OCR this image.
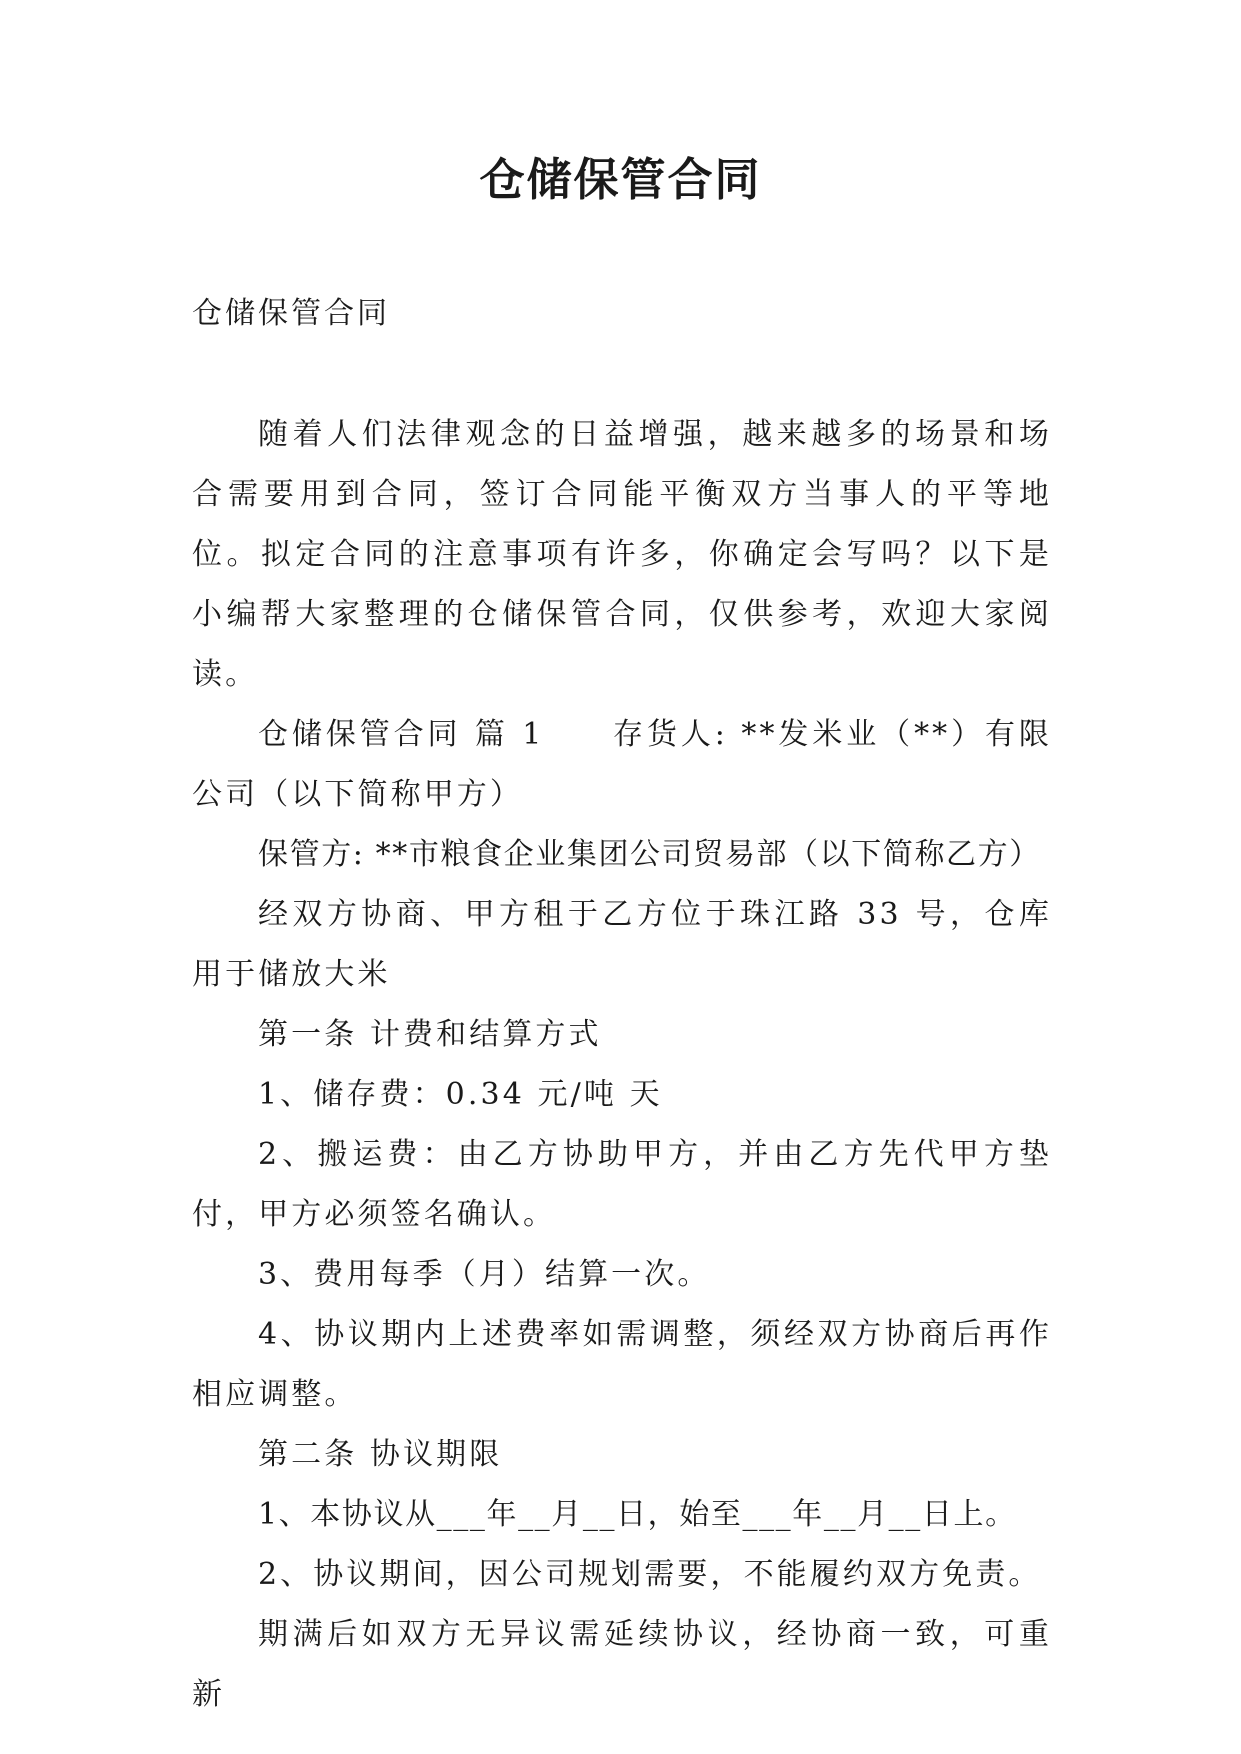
仓储保管合同
仓储保管合同

随着人们法律观念的日益增强，越来越多的场景和场合需要用到合同，签订合同能平衡双方当事人的平等地位。拟定合同的注意事项有许多，你确定会写吗？以下是小编帮大家整理的仓储保管合同，仅供参考，欢迎大家阅读。

仓储保管合同 篇 1　　存货人: **发米业（**）有限公司（以下简称甲方）

保管方: **市粮食企业集团公司贸易部（以下简称乙方）

经双方协商、甲方租于乙方位于珠江路 33 号，仓库用于储放大米

第一条 计费和结算方式

1、储存费：0.34 元/吨 天

2、搬运费：由乙方协助甲方，并由乙方先代甲方垫付，甲方必须签名确认。

3、费用每季（月）结算一次。

4、协议期内上述费率如需调整，须经双方协商后再作相应调整。

第二条 协议期限

1、本协议从___年__月__日，始至___年__月__日上。

2、协议期间，因公司规划需要，不能履约双方免责。

期满后如双方无异议需延续协议，经协商一致，可重新
